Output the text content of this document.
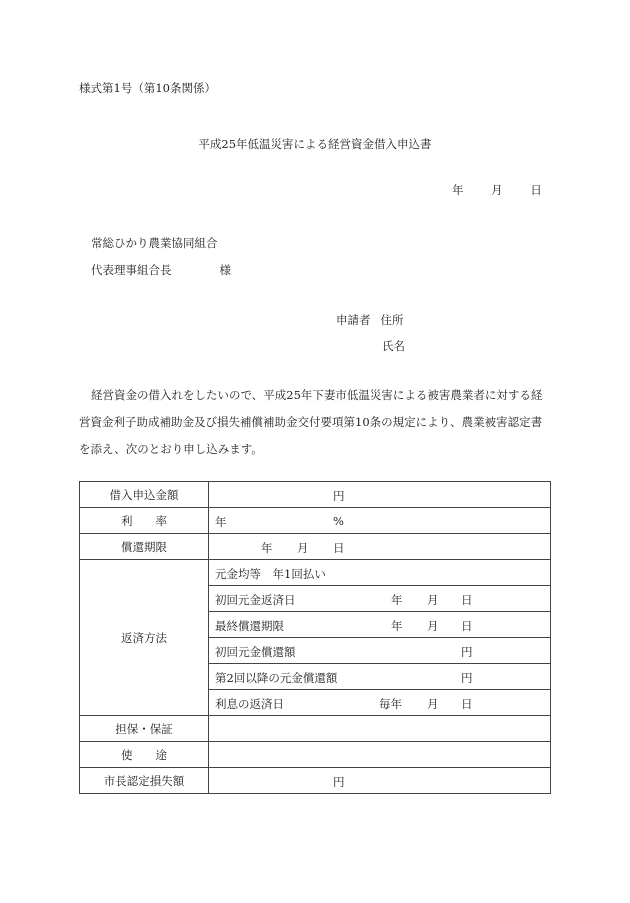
様式第1号（第10条関係）
平成25年低温災害による経営資金借入申込書
年 月 日
常総ひかり農業協同組合
代表理事組合長	様
申請者 住所
氏名
経営資金の借入れをしたいので、平成25年下妻市低温災害による被害農業者に対する経営資金利子助成補助金及び損失補償補助金交付要項第10条の規定により、農業被害認定書を添え、次のとおり申し込みます。
借入申込金額	円

利　　率	年 %

償還期限	年 月 日

返済方法	元金均等　年1回払い

	初回元金返済日 年 月 日

	最終償還期限 年 月 日

	初回元金償還額 円

	第2回以降の元金償還額 円

	利息の返済日 毎年 月 日

担保・保証	

使　　途	

市長認定損失額	円
